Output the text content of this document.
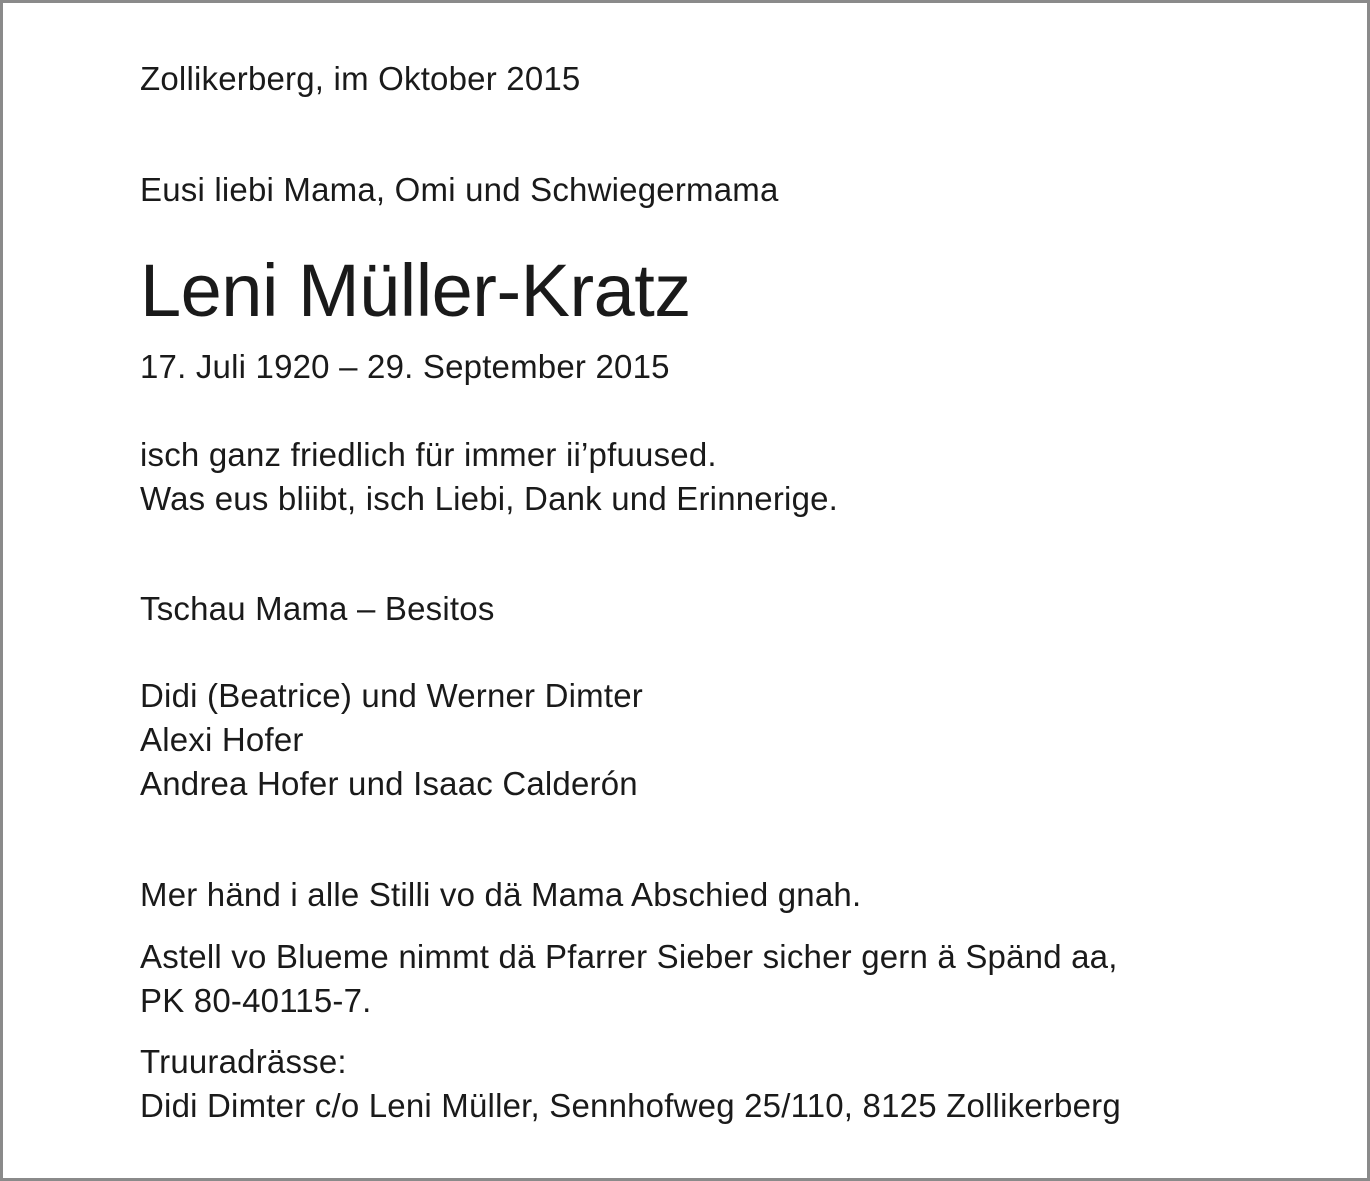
Zollikerberg, im Oktober 2015
Eusi liebi Mama, Omi und Schwiegermama
Leni Müller-Kratz
17. Juli 1920 – 29. September 2015
isch ganz friedlich für immer ii’pfuused.
Was eus bliibt, isch Liebi, Dank und Erinnerige.
Tschau Mama – Besitos
Didi (Beatrice) und Werner Dimter
Alexi Hofer
Andrea Hofer und Isaac Calderón
Mer händ i alle Stilli vo dä Mama Abschied gnah.
Astell vo Blueme nimmt dä Pfarrer Sieber sicher gern ä Spänd aa,
PK 80-40115-7.
Truuradrässe:
Didi Dimter c/o Leni Müller, Sennhofweg 25/110, 8125 Zollikerberg
